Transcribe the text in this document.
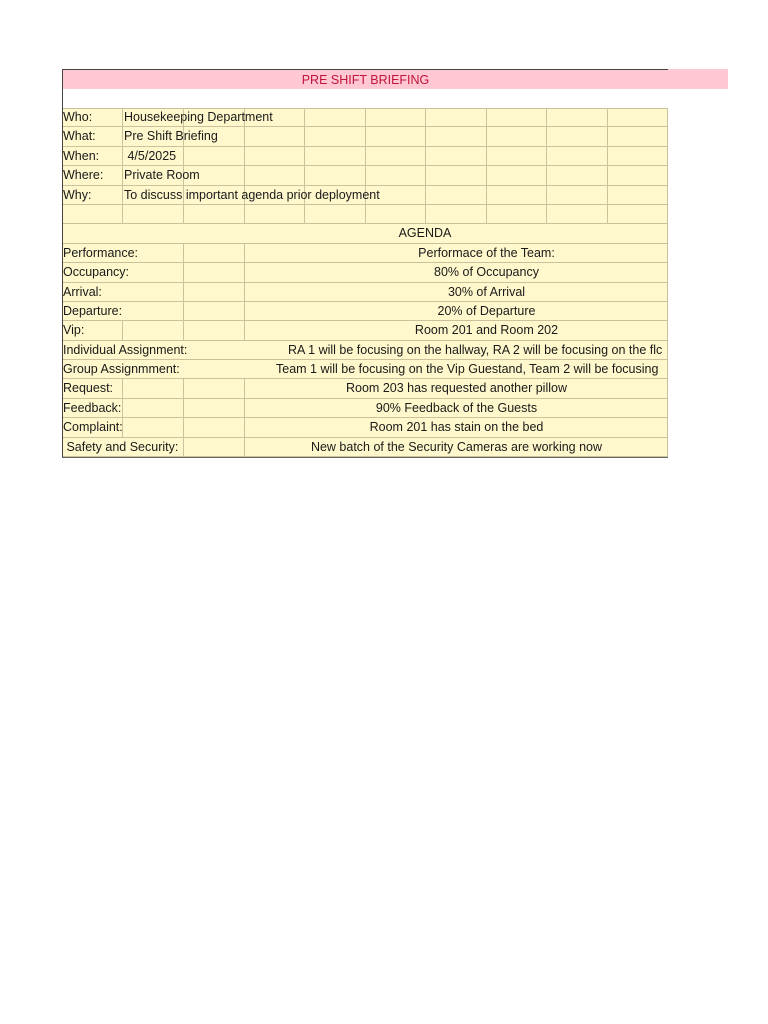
PRE SHIFT BRIEFING
Who:	Housekeeping Department
What: Pre Shift Briefing
When: 4/5/2025
Where: Private Room
Why:	To discuss important agenda prior deployment
AGENDA
Performance:	Performace of the Team:
Occupancy:	80% of Occupancy
Arrival:	30% of Arrival
Departure:	20% of Departure
Vip:	Room 201 and Room 202
Individual Assignment:	RA 1 will be focusing on the hallway, RA 2 will be focusing on the flc
Group Assignmment:	Team 1 will be focusing on the Vip Guestand, Team 2 will be focusing
Request:	Room 203 has requested another pillow
Feedback:	90% Feedback of the Guests
Complaint:	Room 201 has stain on the bed
Safety and Security:	New batch of the Security Cameras are working now
